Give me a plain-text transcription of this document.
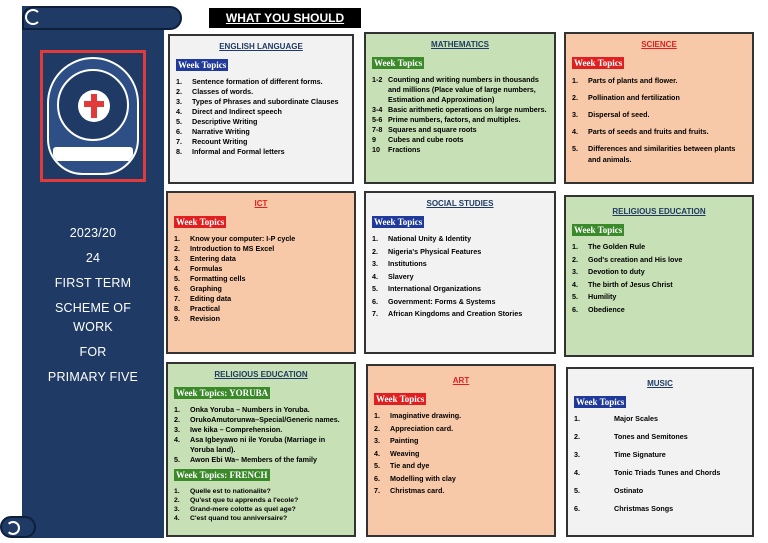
2023/20
24
FIRST TERM
SCHEME OF
WORK
FOR
PRIMARY FIVE
WHAT YOU SHOULD
ENGLISH LANGUAGE
Week Topics
1.	Sentence formation of different forms.
2.	Classes of words.
3.	Types of Phrases and subordinate Clauses
4.	Direct and Indirect speech
5.	Descriptive Writing
6.	Narrative Writing
7.	Recount Writing
8.	Informal and Formal letters
MATHEMATICS
Week Topics
1-2 Counting and writing numbers in thousands and millions (Place value of large numbers, Estimation and Approximation)
3-4 Basic arithmetic operations on large numbers.
5-6 Prime numbers, factors, and multiples.
7-8 Squares and square roots
9	Cubes and cube roots
10	Fractions
SCIENCE
Week Topics
1.	Parts of plants and flower.
2.	Pollination and fertilization
3.	Dispersal of seed.
4.	Parts of seeds and fruits and fruits.
5.	Differences and similarities between plants and animals.
ICT
Week Topics
1.	Know your computer: I-P cycle
2.	Introduction to MS Excel
3.	Entering data
4.	Formulas
5.	Formatting cells
6.	Graphing
7.	Editing data
8.	Practical
9.	Revision
SOCIAL STUDIES
Week Topics
1.	National Unity & Identity
2.	Nigeria's Physical Features
3.	Institutions
4.	Slavery
5.	International Organizations
6.	Government: Forms & Systems
7.	African Kingdoms and Creation Stories
RELIGIOUS EDUCATION
Week Topics
1.	The Golden Rule
2.	God's creation and His love
3.	Devotion to duty
4.	The birth of Jesus Christ
5.	Humility
6.	Obedience
RELIGIOUS EDUCATION
Week Topics: YORUBA
1.	Onka Yoruba – Numbers in Yoruba.
2.	OrukoAmutorunwa–Special/Generic names.
3.	Iwe kika – Comprehension.
4.	Asa Igbeyawo ni ile Yoruba (Marriage in Yoruba land).
5.	Awon Ebi Wa– Members of the family
Week Topics: FRENCH
1.	Quelle est to nationalite?
2.	Qu'est que tu apprends a l'ecole?
3.	Grand-mere colotte as quel age?
4.	C'est quand tou anniversaire?
ART
Week Topics
1.	Imaginative drawing.
2.	Appreciation card.
3.	Painting
4.	Weaving
5.	Tie and dye
6.	Modelling with clay
7.	Christmas card.
MUSIC
Week Topics
1.	Major Scales
2.	Tones and Semitones
3.	Time Signature
4.	Tonic Triads Tunes and Chords
5.	Ostinato
6.	Christmas Songs
